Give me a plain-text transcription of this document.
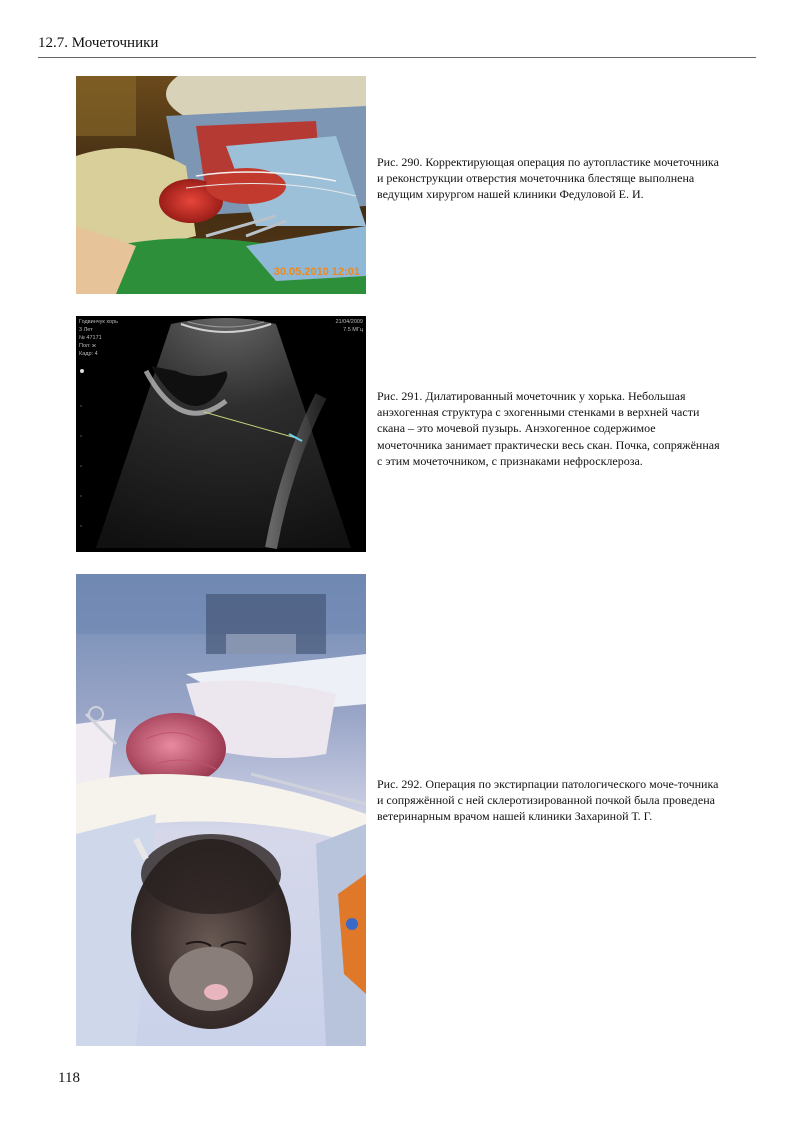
12.7. Мочеточники
30.05.2010 12:01
Рис. 290. Корректирующая операция по аутопластике мочеточника и реконструкции отверстия мочеточника блестяще выполнена ведущим хирургом нашей клиники Федуловой Е. И.
Годвинчук хорь
3 Лет
№ 47171
Пол: ж
Кадр: 4
21/04/2009
7.5 МГц
Рис. 291. Дилатированный мочеточник у хорька. Небольшая анэхогенная структура с эхогенными стенками в верхней части скана – это мочевой пузырь. Анэхогенное содержимое мочеточника занимает практически весь скан. Почка, сопряжённая с этим мочеточником, с признаками нефросклероза.
Рис. 292. Операция по экстирпации патологического моче-точника и сопряжённой с ней склеротизированной почкой была проведена ветеринарным врачом нашей клиники Захариной Т. Г.
118
